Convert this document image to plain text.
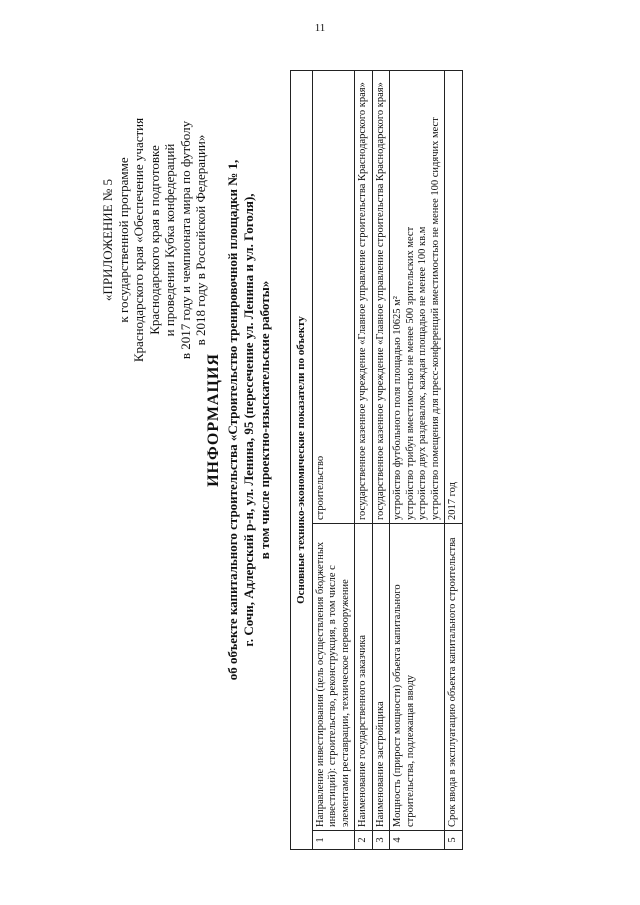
11
«ПРИЛОЖЕНИЕ № 5 к государственной программе Краснодарского края «Обеспечение участия Краснодарского края в подготовке и проведении Кубка конфедераций в 2017 году и чемпионата мира по футболу в 2018 году в Российской Федерации»
ИНФОРМАЦИЯ об объекте капитального строительства «Строительство тренировочной площадки № 1, г. Сочи, Адлерский р-н, ул. Ленина, 95 (пересечение ул. Ленина и ул. Гоголя), в том числе проектно-изыскательские работы» Основные технико-экономические показатели по объекту		
1	Направление инвестирования (цель осуществления бюджетных инвестиций): строительство, реконструкция, в том числе с элементами реставрации, техническое перевооружение	строительство
2	Наименование государственного заказчика	государственное казенное учреждение «Главное управление строительства Краснодарского края»
3	Наименование застройщика	государственное казенное учреждение «Главное управление строительства Краснодарского края»
4	Мощность (прирост мощности) объекта капитального строительства, подлежащая вводу	устройство футбольного поля площадью 10625 м²
устройство трибун вместимостью не менее 500 зрительских мест
устройство двух раздевалок, каждая площадью не менее 100 кв.м
устройство помещения для пресс-конференций вместимостью не менее 100 сидячих мест
5	Срок ввода в эксплуатацию объекта капитального строительства	2017 год
